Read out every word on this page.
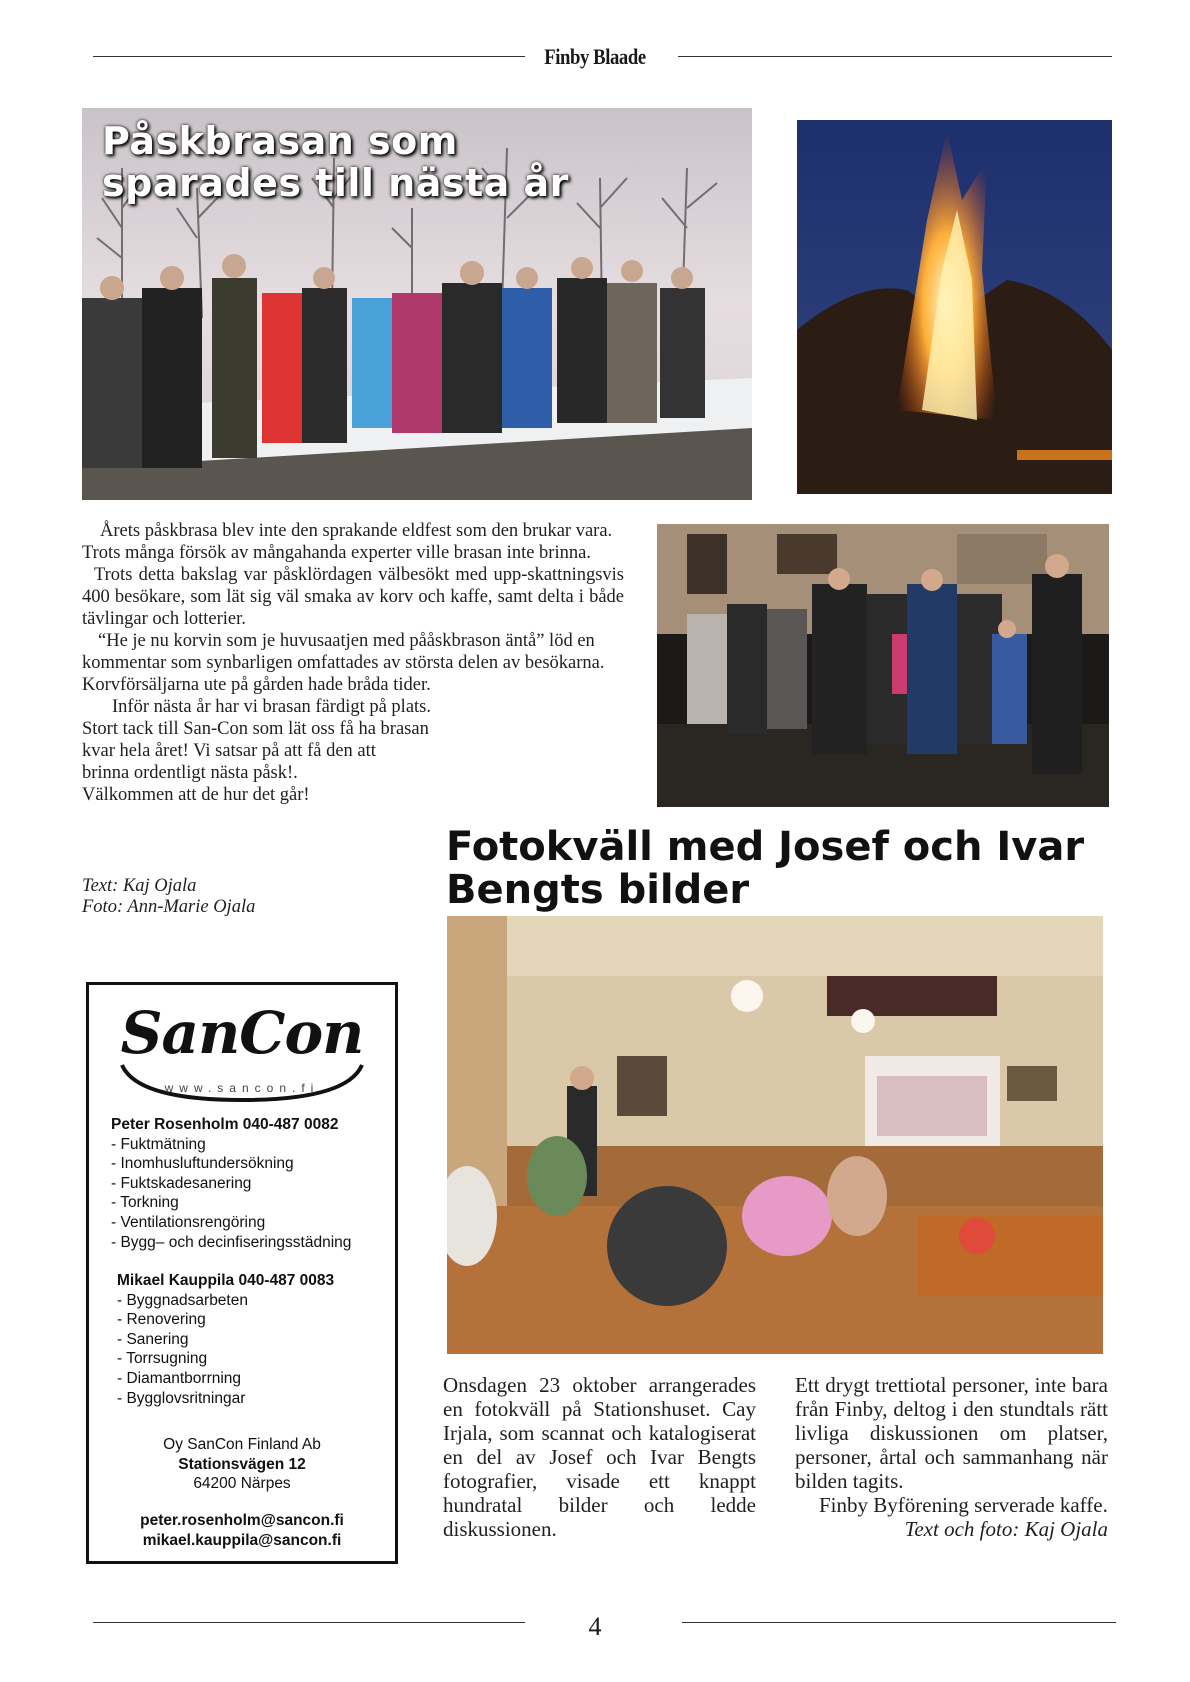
Finby Blaade
Påskbrasan som
sparades till nästa år

Årets påskbrasa blev inte den sprakande eldfest som den brukar vara. Trots många försök av mångahanda experter ville brasan inte brinna.

Trots detta bakslag var påsklördagen välbesökt med upp-skattningsvis 400 besökare, som lät sig väl smaka av korv och kaffe, samt delta i både tävlingar och lotterier.

“He je nu korvin som je huvusaatjen med pååskbrason äntå” löd en kommentar som synbarligen omfattades av största delen av besökarna. Korvförsäljarna ute på gården hade bråda tider.

Inför nästa år har vi brasan färdigt på plats.

Stort tack till San-Con som lät oss få ha brasan

kvar hela året! Vi satsar på att få den att

brinna ordentligt nästa påsk!.

Välkommen att de hur det går!

Text: Kaj Ojala
Foto: Ann-Marie Ojala
Fotokväll med Josef och Ivar
Bengts bilder

Onsdagen 23 oktober arrangerades en fotokväll på Stationshuset. Cay Irjala, som scannat och katalogiserat en del av Josef och Ivar Bengts fotografier, visade ett knappt hundratal bilder och ledde diskussionen.

Ett drygt trettiotal personer, inte bara från Finby, deltog i den stundtals rätt livliga diskussionen om platser, personer, årtal och sammanhang när bilden tagits.

Finby Byförening serverade kaffe.

Text och foto: Kaj Ojala

SanCon
www.sancon.fi
Peter Rosenholm 040-487 0082
- Fuktmätning
- Inomhusluftundersökning
- Fuktskadesanering
- Torkning
- Ventilationsrengöring
- Bygg– och decinfiseringsstädning
Mikael Kauppila 040-487 0083
- Byggnadsarbeten
- Renovering
- Sanering
- Torrsugning
- Diamantborrning
- Bygglovsritningar
Oy SanCon Finland Ab
Stationsvägen 12
64200 Närpes
peter.rosenholm@sancon.fi
mikael.kauppila@sancon.fi
4
